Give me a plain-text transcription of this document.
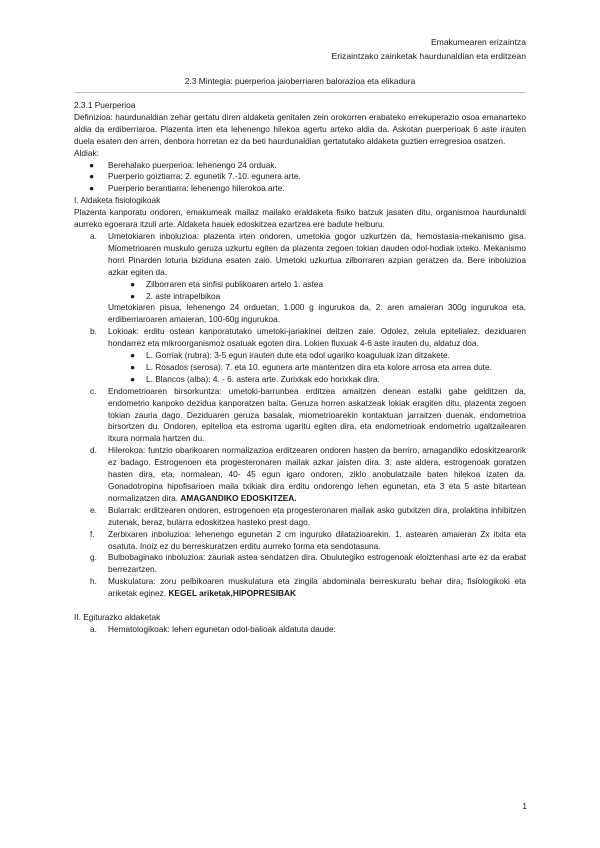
Emakumearen erizaintza
Erizaintzako zainketak haurdunaldian eta erditzean
2.3 Mintegia: puerperioa jaioberriaren balorazioa eta elikadura

2.3.1 Puerperioa

Definizioa: haurdunaldian zehar gertatu diren aldaketa genitalen zein orokorren erabateko errekuperazio osoa emanarteko aldia da erdiberriaroa. Plazenta irten eta lehenengo hilekoa agertu arteko aldia da. Askotan puerperioak 6 aste irauten duela esaten den arren, denbora horretan ez da beti haurdunaldian gertatutako aldaketa guztien erregresioa osatzen.

Aldiak:

● Berehalako puerperioa: lehenengo 24 orduak.
● Puerperio goiztiarra: 2. egunetik 7.-10. egunera arte.
● Puerperio berantiarra: lehenengo hilerokoa arte.

I. Aldaketa fisiologikoak

Plazenta kanporatu ondoren, emakumeak mailaz mailako eraldaketa fisiko batzuk jasaten ditu, organismoa haurdunaldi aurreko egoerara itzuli arte. Aldaketa hauek edoskitzea ezartzea ere badute helburu.

a. Umetokiaren inboluzioa: plazenta irten ondoren, umetokia gogor uzkurtzen da, hemostasia-mekanismo gisa. Miometrioaren muskulo geruza uzkurtu egiten da plazenta zegoen tokian dauden odol-hodiak ixteko. Mekanismo horri Pinarden loturia biziduna esaten zaio. Umetoki uzkurtua zilborraren azpian geratzen da. Bere inboluzioa azkar egiten da.
● Zilborraren eta sinfisi publikoaren artelo 1. astea
● 2. aste intrapelbikoa

Umetokiaren pisua, lehenengo 24 orduetan, 1.000 g ingurukoa da, 2. aren amaieran 300g ingurukoa eta, erdiberriaroaren amaieran, 100-60g ingurukoa.

b. Lokioak: erditu ostean kanporatutako umetoki-jariakinei deitzen zaie. Odolez, zelula epitelialez, deziduaren hondarrez eta mikroorganismoz osatuak egoten dira. Lokien fluxuak 4-6 aste irauten du, aldatuz doa.
● L. Gorriak (rubra): 3-5 egun irauten dute eta odol ugariko koaguluak izan ditzakete.
● L. Rosados (serosa): 7. eta 10. egunera arte mantentzen dira eta kolore arrosa eta arrea dute.
● L. Blancos (alba): 4. - 6. astera arte. Zurixkak edo horixkak dira.
c. Endometrioaren birsorkuntza: umetoki-barrunbea erditzea amaitzen denean estalki gabe gelditzen da, endometrio kanpoko dezidua kanporatzen baita. Geruza horren askatzeak lokiak eragiten ditu, plazenta zegoen tokian zauria dago. Deziduaren geruza basalak, miometrioarekin kontaktuan jarraitzen duenak, endometrioa birsortzen du. Ondoren, epitelioa eta estroma ugaritu egiten dira, eta endometrioak endometrio ugaltzailearen itxura normala hartzen du.
d. Hilerokoa: funtzio obarikoaren normalizazioa erditzearen ondoren hasten da berriro, amagandiko edoskitzearorik ez badago. Estrogenoen eta progesteronaren mailak azkar jaisten dira. 3. aste aldera, estrogenoak goratzen hasten dira, eta, normalean, 40- 45 egun igaro ondoren, ziklo anobulatzaile baten hilekoa izaten da. Gonadotropina hipofisarioen maila txikiak dira erditu ondorengo lehen egunetan, eta 3 eta 5 aste bitartean normalizatzen dira. AMAGANDIKO EDOSKITZEA.
e. Bularrak: erditzearen ondoren, estrogenoen eta progesteronaren mailak asko gutxitzen dira, prolaktina inhibitzen zutenak, beraz, bularra edoskitzea hasteko prest dago.
f. Zerbixaren inboluzioa: lehenengo egunetan 2 cm inguruko dilatazioarekin. 1. astearen amaieran Zx itxita eta osatuta. Inoiz ez du berreskuratzen erditu aurreko forma eta sendotasuna.
g. Bulbobaginako inboluzioa: zauriak astea sendatzen dira. Obulutegiko estrogenoak eloiztenhasi arte ez da erabat berrezartzen.
h. Muskulatura: zoru pelbikoaren muskulatura eta zingila abdominala berreskuratu behar dira, fisiologikoki eta ariketak eginez. KEGEL ariketak,HIPOPRESIBAK

II. Egiturazko aldaketak

a. Hematologikoak: lehen egunetan odol-balioak aldatuta daude:
1
